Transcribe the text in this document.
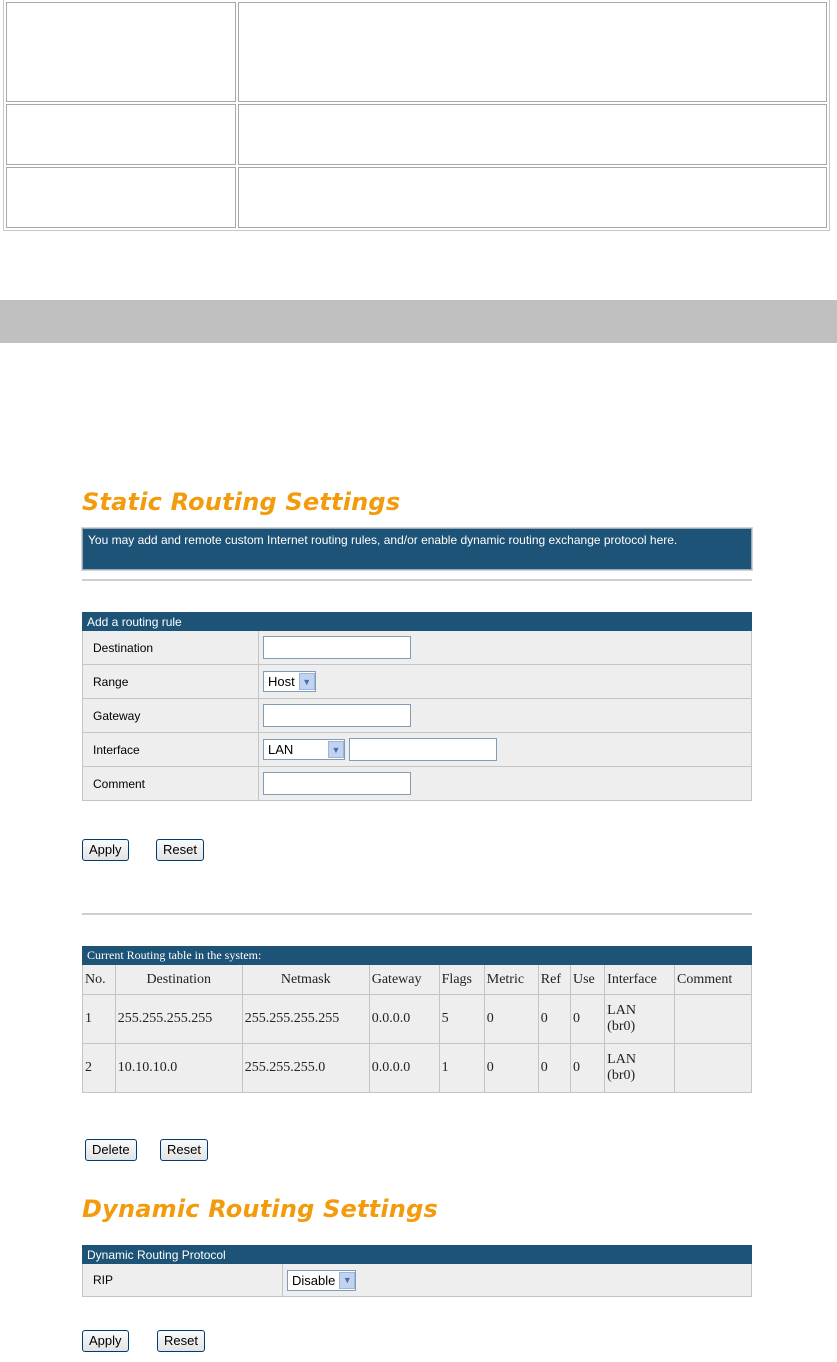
Static Routing Settings
You may add and remote custom Internet routing rules, and/or enable dynamic routing exchange protocol here.
Add a routing rule	
Destination	
Range	Host ▼

Gateway	
Interface	LAN ▼

Comment	
Apply	Reset
Current Routing table in the system:									
No.	Destination	Netmask	Gateway	Flags	Metric	Ref	Use	Interface	Comment
1	255.255.255.255	255.255.255.255	0.0.0.0	5	0	0	0	LAN
(br0)	

2	10.10.10.0	255.255.255.0	0.0.0.0	1	0	0	0	LAN
(br0)	

Delete	Reset
Dynamic Routing Settings
Dynamic Routing Protocol
RIP	Disable ▼
Apply	Reset
